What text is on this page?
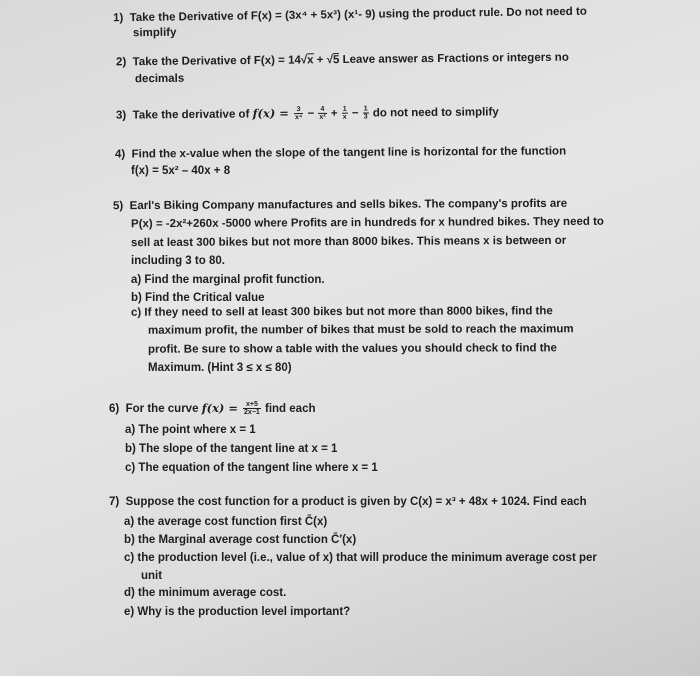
1) Take the Derivative of F(x) = (3x⁴ + 5x³) (x¹- 9) using the product rule. Do not need to
simplify
2) Take the Derivative of F(x) = 14√x + √5 Leave answer as Fractions or integers no
decimals
3) Take the derivative of $f(x) = \frac{3}{\text{x⁴}} - \frac{4}{\text{x²}} + \frac{1}{x} - \frac{1}{3}$ do not need to simplify
4) Find the x-value when the slope of the tangent line is horizontal for the function
f(x) = 5x² – 40x + 8
5) Earl's Biking Company manufactures and sells bikes. The company's profits are
P(x) = -2x²+260x -5000 where Profits are in hundreds for x hundred bikes. They need to
sell at least 300 bikes but not more than 8000 bikes. This means x is between or
including 3 to 80.
a) Find the marginal profit function.
b) Find the Critical value
c) If they need to sell at least 300 bikes but not more than 8000 bikes, find the
maximum profit, the number of bikes that must be sold to reach the maximum
profit. Be sure to show a table with the values you should check to find the
Maximum. (Hint 3 ≤ x ≤ 80)
6) For the curve $f(x) = \frac{x+5}{2x-1}$ find each
a) The point where x = 1
b) The slope of the tangent line at x = 1
c) The equation of the tangent line where x = 1
7) Suppose the cost function for a product is given by C(x) = x³ + 48x + 1024. Find each
a) the average cost function first C̄(x)
b) the Marginal average cost function C̄′(x)
c) the production level (i.e., value of x) that will produce the minimum average cost per
unit
d) the minimum average cost.
e) Why is the production level important?
